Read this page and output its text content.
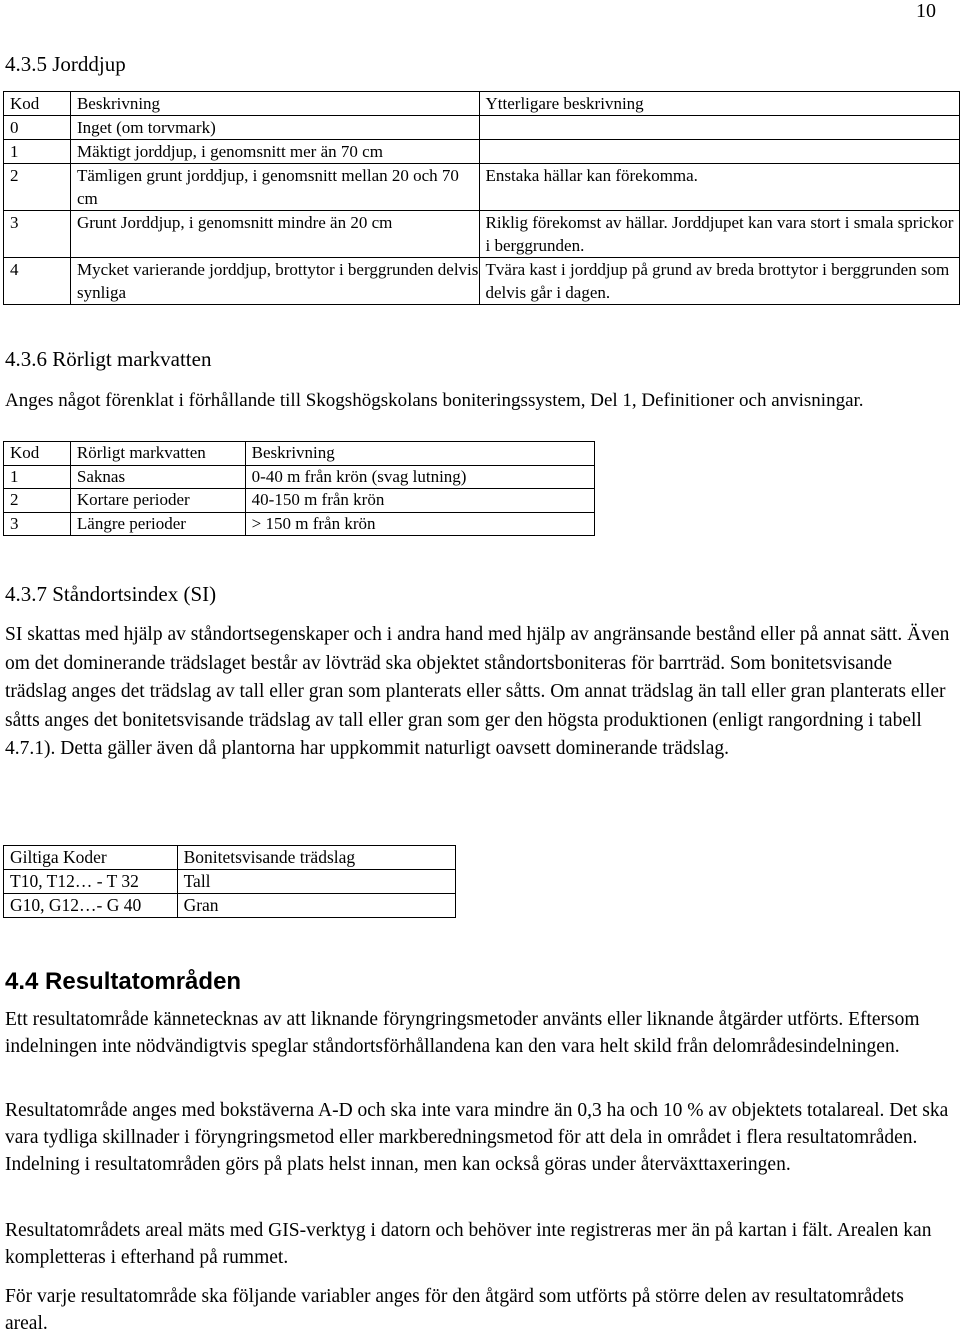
10
4.3.5 Jorddjup
Kod	Beskrivning	Ytterligare beskrivning
0	Inget (om torvmark)	
1	Mäktigt jorddjup, i genomsnitt mer än 70 cm	
2	Tämligen grunt jorddjup, i genomsnitt mellan 20 och 70 cm	Enstaka hällar kan förekomma.
3	Grunt Jorddjup, i genomsnitt mindre än 20 cm	Riklig förekomst av hällar. Jorddjupet kan vara stort i smala sprickor i berggrunden.
4	Mycket varierande jorddjup, brottytor i berggrunden delvis synliga	Tvära kast i jorddjup på grund av breda brottytor i berggrunden som delvis går i dagen.
4.3.6 Rörligt markvatten

Anges något förenklat i förhållande till Skogshögskolans boniteringssystem, Del 1, Definitioner och anvisningar.

Kod	Rörligt markvatten	Beskrivning
1	Saknas	0-40 m från krön (svag lutning)
2	Kortare perioder	40-150 m från krön
3	Längre perioder	> 150 m från krön
4.3.7 Ståndortsindex (SI)

SI skattas med hjälp av ståndortsegenskaper och i andra hand med hjälp av angränsande bestånd eller på annat sätt. Även om det dominerande trädslaget består av lövträd ska objektet ståndortsboniteras för barrträd. Som bonitetsvisande trädslag anges det trädslag av tall eller gran som planterats eller såtts. Om annat trädslag än tall eller gran planterats eller såtts anges det bonitetsvisande trädslag av tall eller gran som ger den högsta produktionen (enligt rangordning i tabell 4.7.1). Detta gäller även då plantorna har uppkommit naturligt oavsett dominerande trädslag.

Giltiga Koder	Bonitetsvisande trädslag
T10, T12… - T 32	Tall
G10, G12…- G 40	Gran
4.4 Resultatområden

Ett resultatområde kännetecknas av att liknande föryngringsmetoder använts eller liknande åtgärder utförts. Eftersom indelningen inte nödvändigtvis speglar ståndortsförhållandena kan den vara helt skild från delområdesindelningen.

Resultatområde anges med bokstäverna A-D och ska inte vara mindre än 0,3 ha och 10 % av objektets totalareal. Det ska vara tydliga skillnader i föryngringsmetod eller markberedningsmetod för att dela in området i flera resultatområden. Indelning i resultatområden görs på plats helst innan, men kan också göras under återväxttaxeringen.

Resultatområdets areal mäts med GIS-verktyg i datorn och behöver inte registreras mer än på kartan i fält. Arealen kan kompletteras i efterhand på rummet.

För varje resultatområde ska följande variabler anges för den åtgärd som utförts på större delen av resultatområdets areal.
